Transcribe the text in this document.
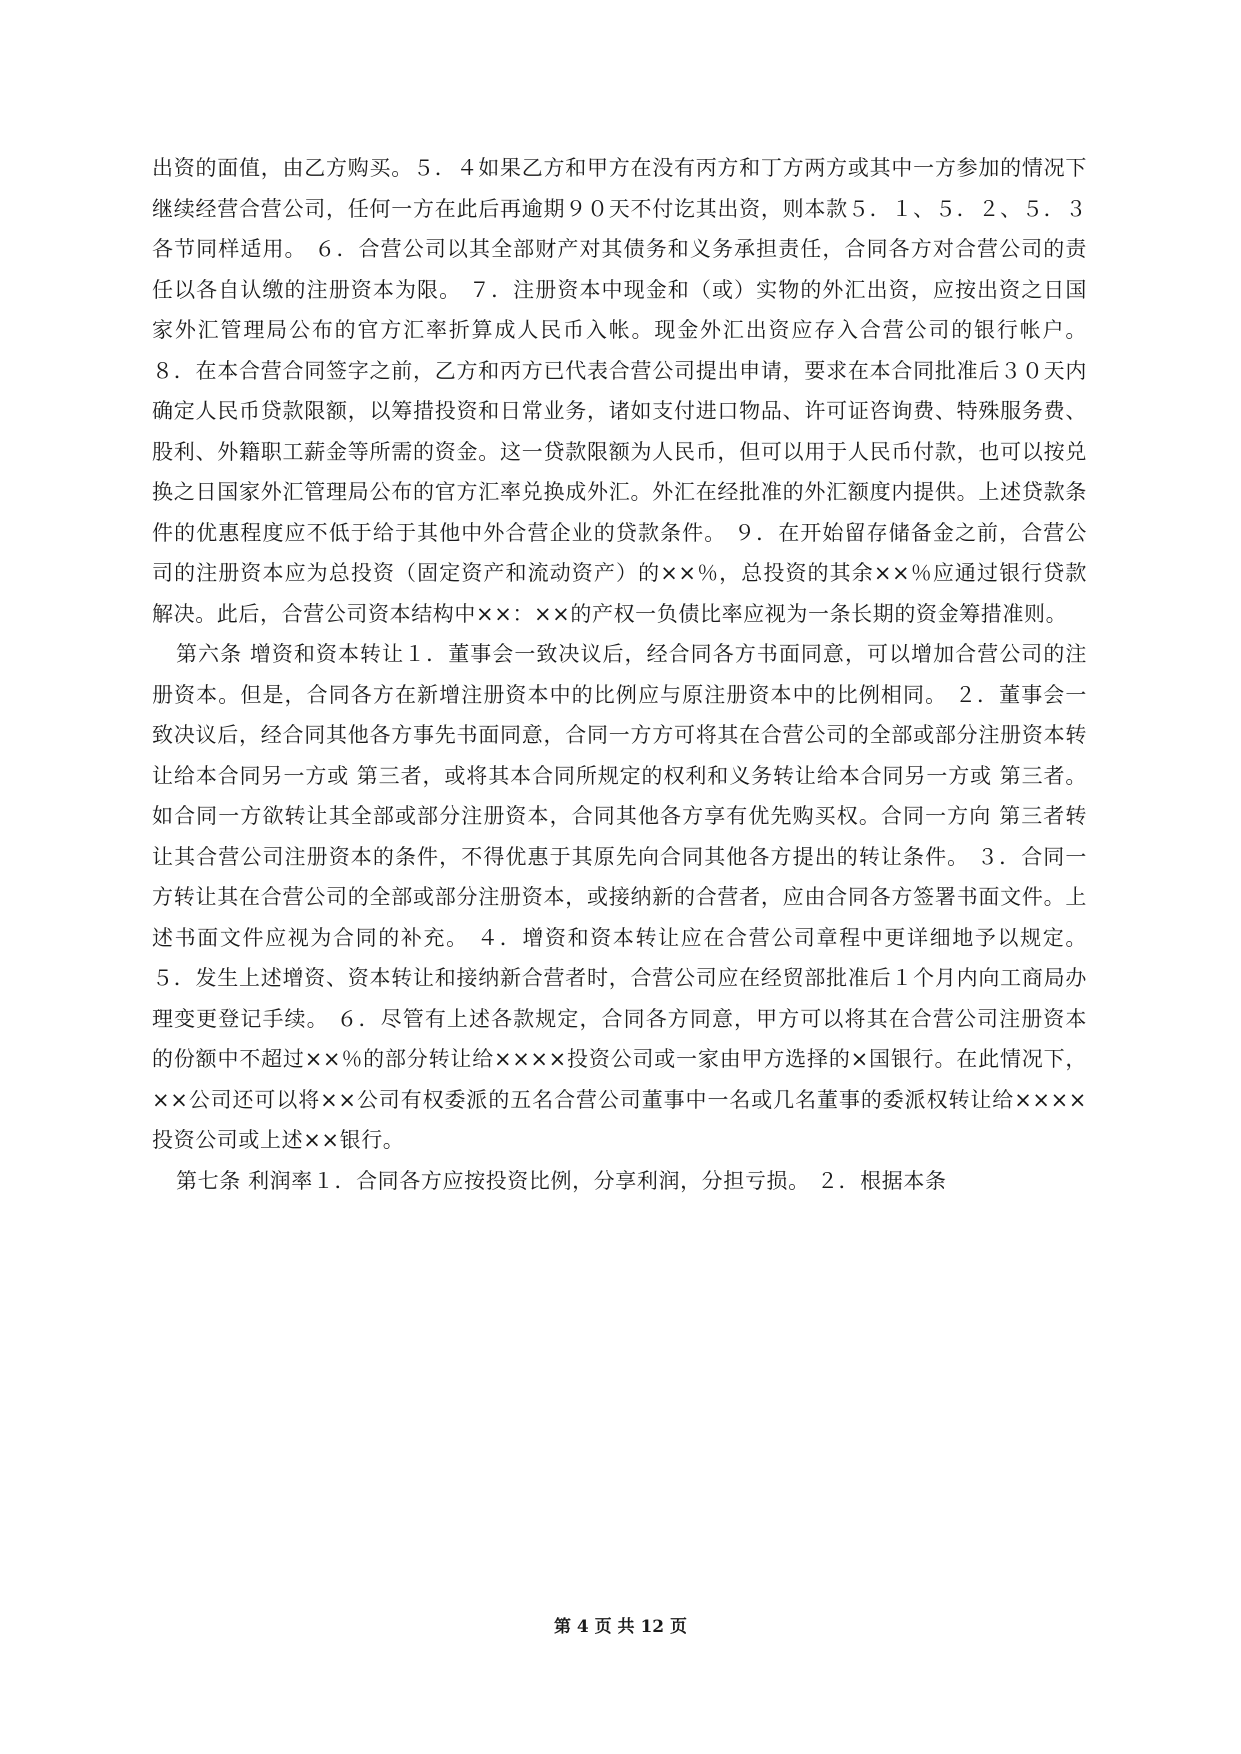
出资的面值，由乙方购买。５．４如果乙方和甲方在没有丙方和丁方两方或其中一方参加的情况下继续经营合营公司，任何一方在此后再逾期９０天不付讫其出资，则本款５．１、５．２、５．３各节同样适用。 ６．合营公司以其全部财产对其债务和义务承担责任，合同各方对合营公司的责任以各自认缴的注册资本为限。 ７．注册资本中现金和（或）实物的外汇出资，应按出资之日国家外汇管理局公布的官方汇率折算成人民币入帐。现金外汇出资应存入合营公司的银行帐户。 ８．在本合营合同签字之前，乙方和丙方已代表合营公司提出申请，要求在本合同批准后３０天内确定人民币贷款限额，以筹措投资和日常业务，诸如支付进口物品、许可证咨询费、特殊服务费、股利、外籍职工薪金等所需的资金。这一贷款限额为人民币，但可以用于人民币付款，也可以按兑换之日国家外汇管理局公布的官方汇率兑换成外汇。外汇在经批准的外汇额度内提供。上述贷款条件的优惠程度应不低于给于其他中外合营企业的贷款条件。 ９．在开始留存储备金之前，合营公司的注册资本应为总投资（固定资产和流动资产）的××％，总投资的其余××％应通过银行贷款解决。此后，合营公司资本结构中××：××的产权一负债比率应视为一条长期的资金筹措准则。

第六条 增资和资本转让１．董事会一致决议后，经合同各方书面同意，可以增加合营公司的注册资本。但是，合同各方在新增注册资本中的比例应与原注册资本中的比例相同。 ２．董事会一致决议后，经合同其他各方事先书面同意，合同一方方可将其在合营公司的全部或部分注册资本转让给本合同另一方或 第三者，或将其本合同所规定的权利和义务转让给本合同另一方或 第三者。如合同一方欲转让其全部或部分注册资本，合同其他各方享有优先购买权。合同一方向 第三者转让其合营公司注册资本的条件，不得优惠于其原先向合同其他各方提出的转让条件。 ３．合同一方转让其在合营公司的全部或部分注册资本，或接纳新的合营者，应由合同各方签署书面文件。上述书面文件应视为合同的补充。 ４．增资和资本转让应在合营公司章程中更详细地予以规定。 ５．发生上述增资、资本转让和接纳新合营者时，合营公司应在经贸部批准后１个月内向工商局办理变更登记手续。 ６．尽管有上述各款规定，合同各方同意，甲方可以将其在合营公司注册资本的份额中不超过××％的部分转让给××××投资公司或一家由甲方选择的×国银行。在此情况下，××公司还可以将××公司有权委派的五名合营公司董事中一名或几名董事的委派权转让给××××投资公司或上述××银行。

第七条 利润率１．合同各方应按投资比例，分享利润，分担亏损。 ２．根据本条

第 4 页 共 12 页
